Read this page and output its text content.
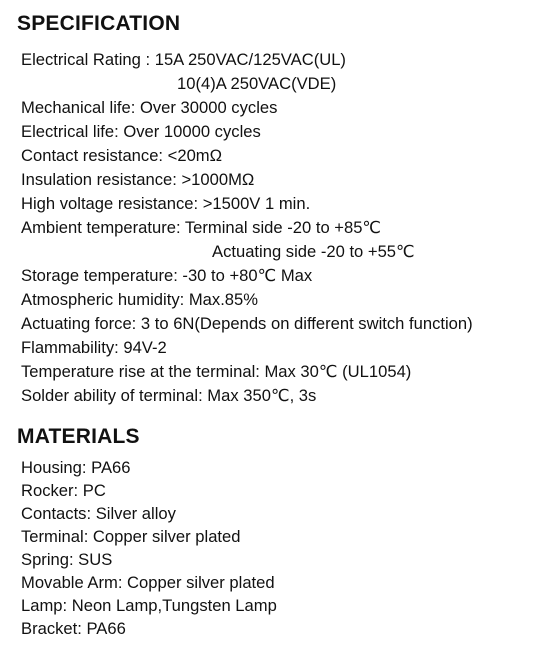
SPECIFICATION
Electrical Rating : 15A 250VAC/125VAC(UL)
10(4)A 250VAC(VDE)
Mechanical life: Over 30000 cycles
Electrical life: Over 10000 cycles
Contact resistance: <20mΩ
Insulation resistance: >1000MΩ
High voltage resistance: >1500V 1 min.
Ambient temperature: Terminal side -20 to +85℃
Actuating side -20 to +55℃
Storage temperature: -30 to +80℃ Max
Atmospheric humidity: Max.85%
Actuating force: 3 to 6N(Depends on different switch function)
Flammability: 94V-2
Temperature rise at the terminal: Max 30℃ (UL1054)
Solder ability of terminal: Max 350℃, 3s
MATERIALS
Housing: PA66
Rocker: PC
Contacts: Silver alloy
Terminal: Copper silver plated
Spring: SUS
Movable Arm: Copper silver plated
Lamp: Neon Lamp,Tungsten Lamp
Bracket: PA66
